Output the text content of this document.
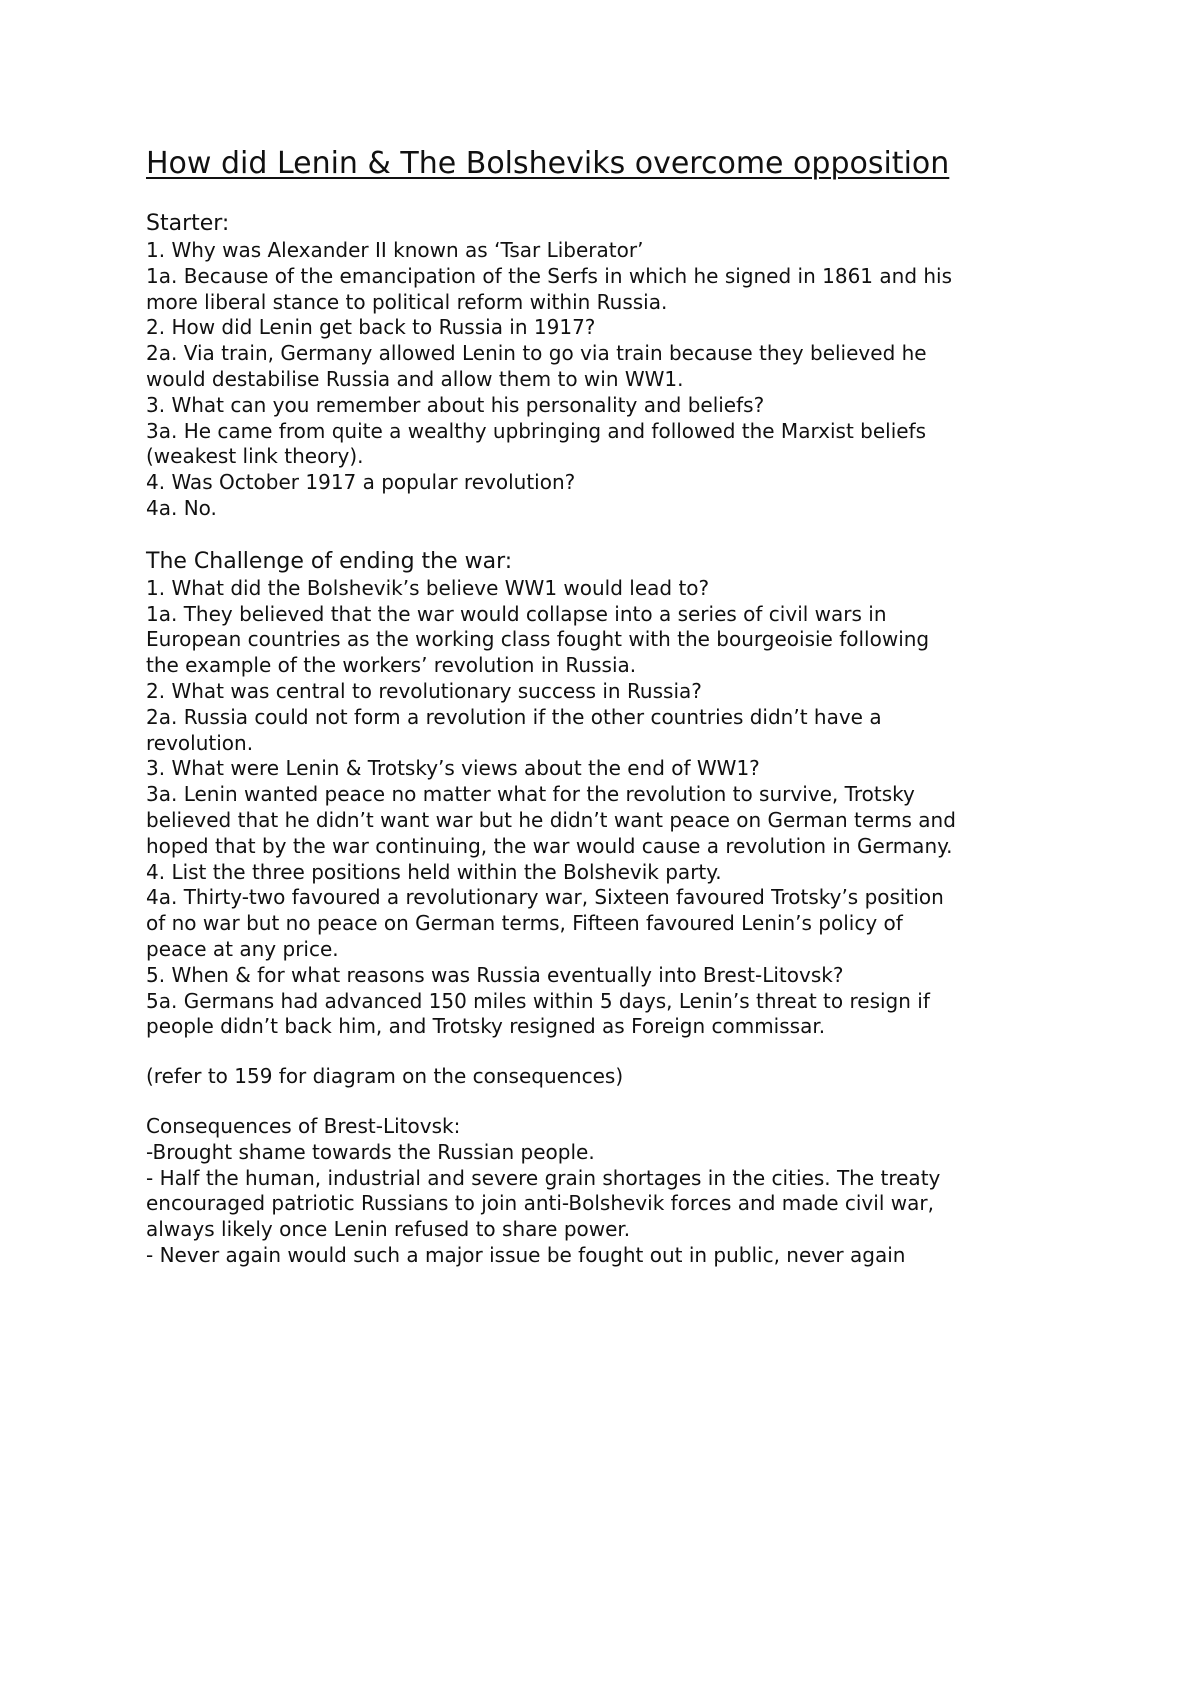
How did Lenin & The Bolsheviks overcome opposition
Starter:

1. Why was Alexander II known as ‘Tsar Liberator’

1a. Because of the emancipation of the Serfs in which he signed in 1861 and his

more liberal stance to political reform within Russia.

2. How did Lenin get back to Russia in 1917?

2a. Via train, Germany allowed Lenin to go via train because they believed he

would destabilise Russia and allow them to win WW1.

3. What can you remember about his personality and beliefs?

3a. He came from quite a wealthy upbringing and followed the Marxist beliefs

(weakest link theory).

4. Was October 1917 a popular revolution?

4a. No.

The Challenge of ending the war:

1. What did the Bolshevik’s believe WW1 would lead to?

1a. They believed that the war would collapse into a series of civil wars in

European countries as the working class fought with the bourgeoisie following

the example of the workers’ revolution in Russia.

2. What was central to revolutionary success in Russia?

2a. Russia could not form a revolution if the other countries didn’t have a

revolution.

3. What were Lenin & Trotsky’s views about the end of WW1?

3a. Lenin wanted peace no matter what for the revolution to survive, Trotsky

believed that he didn’t want war but he didn’t want peace on German terms and

hoped that by the war continuing, the war would cause a revolution in Germany.

4. List the three positions held within the Bolshevik party.

4a. Thirty-two favoured a revolutionary war, Sixteen favoured Trotsky’s position

of no war but no peace on German terms, Fifteen favoured Lenin’s policy of

peace at any price.

5. When & for what reasons was Russia eventually into Brest-Litovsk?

5a. Germans had advanced 150 miles within 5 days, Lenin’s threat to resign if

people didn’t back him, and Trotsky resigned as Foreign commissar.

(refer to 159 for diagram on the consequences)

Consequences of Brest-Litovsk:

-Brought shame towards the Russian people.

- Half the human, industrial and severe grain shortages in the cities. The treaty

encouraged patriotic Russians to join anti-Bolshevik forces and made civil war,

always likely once Lenin refused to share power.

- Never again would such a major issue be fought out in public, never again
